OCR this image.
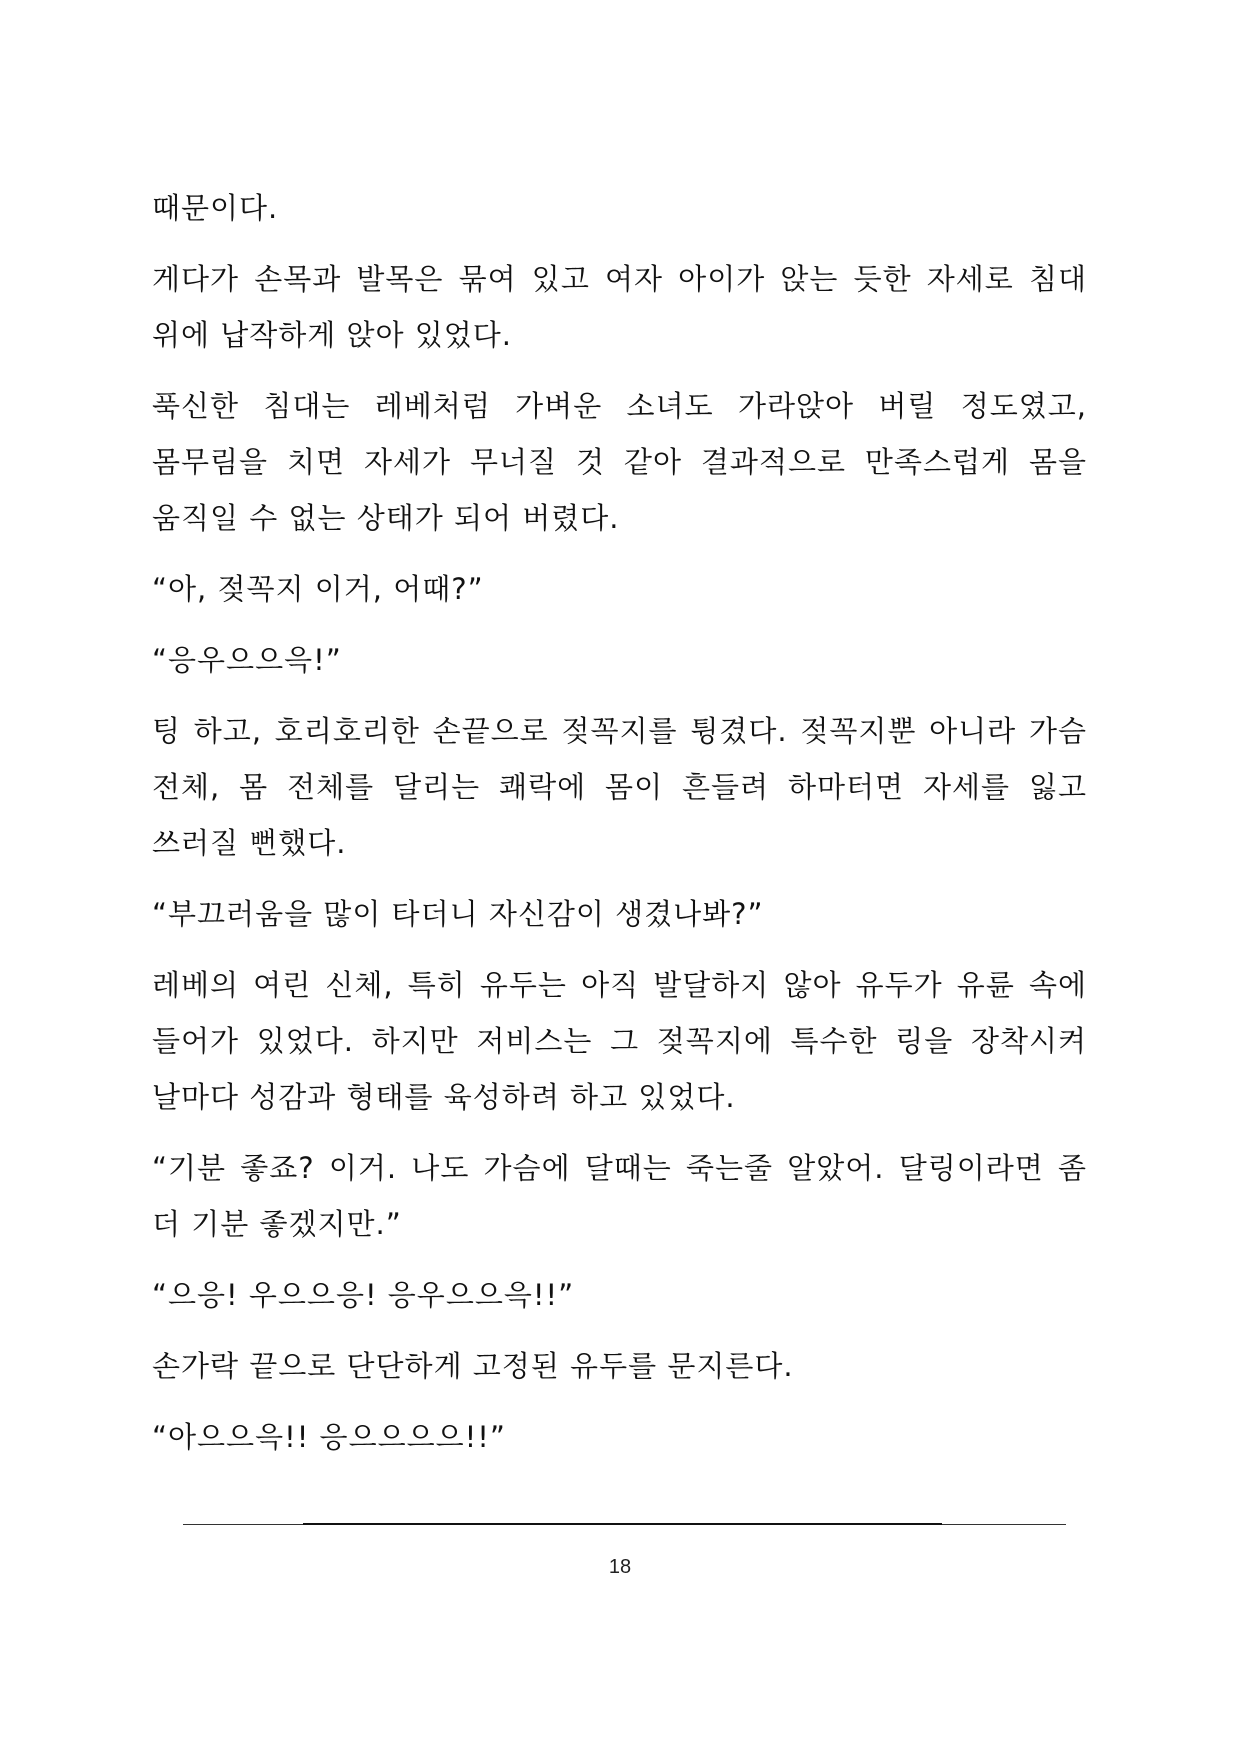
때문이다.

게다가 손목과 발목은 묶여 있고 여자 아이가 앉는 듯한 자세로 침대 위에 납작하게 앉아 있었다.

푹신한 침대는 레베처럼 가벼운 소녀도 가라앉아 버릴 정도였고, 몸무림을 치면 자세가 무너질 것 같아 결과적으로 만족스럽게 몸을 움직일 수 없는 상태가 되어 버렸다.

“아, 젖꼭지 이거, 어때?”

“응우으으윽!”

팅 하고, 호리호리한 손끝으로 젖꼭지를 튕겼다. 젖꼭지뿐 아니라 가슴 전체, 몸 전체를 달리는 쾌락에 몸이 흔들려 하마터면 자세를 잃고 쓰러질 뻔했다.

“부끄러움을 많이 타더니 자신감이 생겼나봐?”

레베의 여린 신체, 특히 유두는 아직 발달하지 않아 유두가 유륜 속에 들어가 있었다. 하지만 저비스는 그 젖꼭지에 특수한 링을 장착시켜 날마다 성감과 형태를 육성하려 하고 있었다.

“기분 좋죠? 이거. 나도 가슴에 달때는 죽는줄 알았어. 달링이라면 좀 더 기분 좋겠지만.”

“으응! 우으으응! 응우으으윽!!”

손가락 끝으로 단단하게 고정된 유두를 문지른다.

“아으으윽!! 응으으으으!!”

18
